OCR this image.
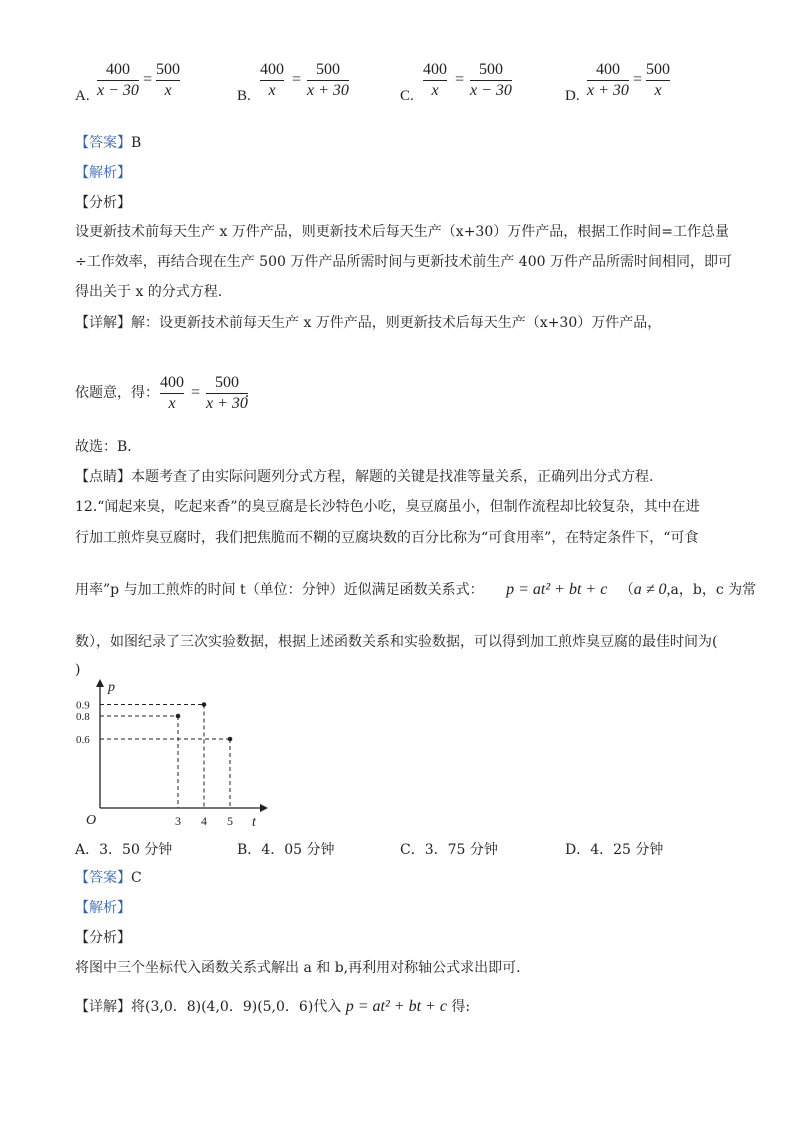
A.
400
x − 30
=
500
x	B.
400
x
=
500
x + 30	C.
400
x
=
500
x − 30	D.
400
x + 30
=
500
x
【答案】B
【解析】
【分析】
设更新技术前每天生产 x 万件产品，则更新技术后每天生产（x+30）万件产品，根据工作时间=工作总量
÷工作效率，再结合现在生产 500 万件产品所需时间与更新技术前生产 400 万件产品所需时间相同，即可
得出关于 x 的分式方程.
【详解】解：设更新技术前每天生产 x 万件产品，则更新技术后每天生产（x+30）万件产品，
依题意，得：
400
x
=
500
x + 30
.
故选：B．
【点睛】本题考查了由实际问题列分式方程，解题的关键是找准等量关系，正确列出分式方程.
12.“闻起来臭，吃起来香”的臭豆腐是长沙特色小吃，臭豆腐虽小，但制作流程却比较复杂，其中在进
行加工煎炸臭豆腐时，我们把焦脆而不糊的豆腐块数的百分比称为“可食用率”，在特定条件下，“可食
用率”p 与加工煎炸的时间 t（单位：分钟）近似满足函数关系式： p = at² + bt + c （a ≠ 0,a，b，c 为常
数），如图纪录了三次实验数据，根据上述函数关系和实验数据，可以得到加工煎炸臭豆腐的最佳时间为(
)
t
p
O	3 4 5
0.9
0.8
0.6
A．3．50 分钟	B．4．05 分钟	C．3．75 分钟	D．4．25 分钟
【答案】C
【解析】
【分析】
将图中三个坐标代入函数关系式解出 a 和 b,再利用对称轴公式求出即可.
【详解】将(3,0．8)(4,0．9)(5,0．6)代入 p = at² + bt + c 得:
